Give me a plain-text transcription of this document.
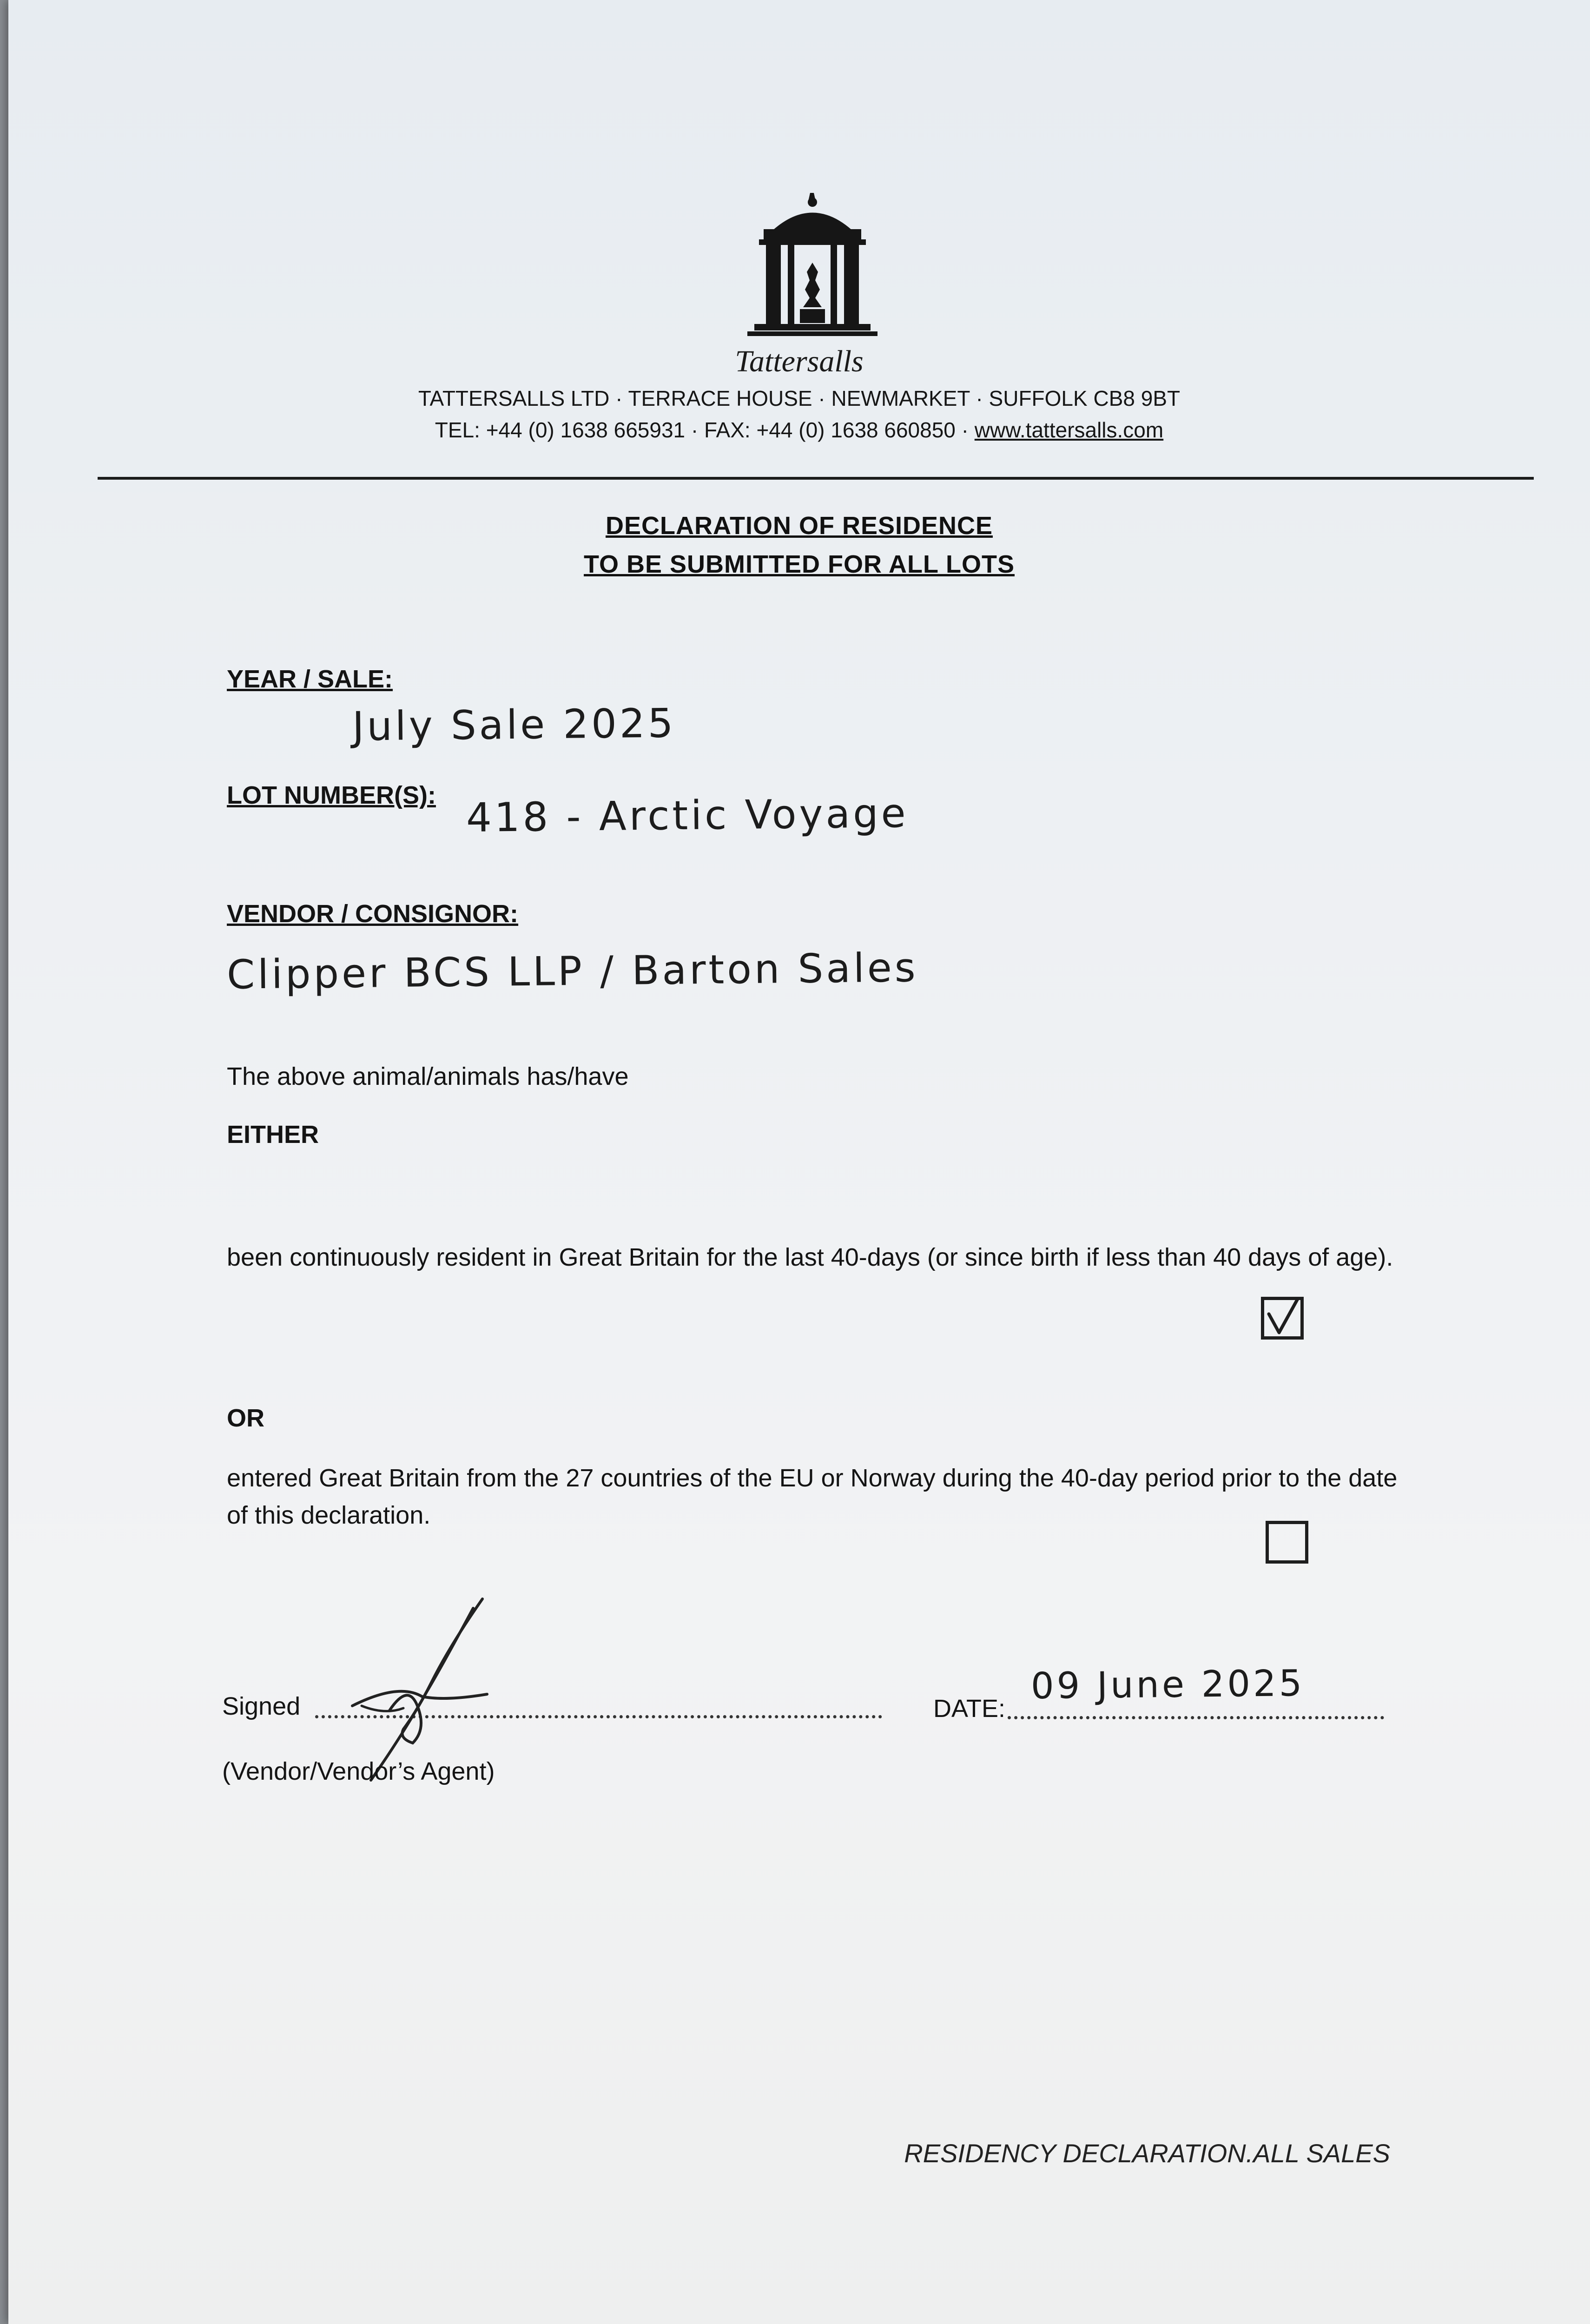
Tattersalls
TATTERSALLS LTD · TERRACE HOUSE · NEWMARKET · SUFFOLK CB8 9BT
TEL: +44 (0) 1638 665931 · FAX: +44 (0) 1638 660850 · www.tattersalls.com
DECLARATION OF RESIDENCE
TO BE SUBMITTED FOR ALL LOTS
YEAR / SALE:
July Sale 2025
LOT NUMBER(S): 418 - Arctic Voyage
VENDOR / CONSIGNOR:
Clipper BCS LLP / Barton Sales
The above animal/animals has/have
EITHER
been continuously resident in Great Britain for the last 40-days (or since birth if less than 40 days of age).
OR
entered Great Britain from the 27 countries of the EU or Norway during the 40-day period prior to the date of this declaration.
Signed
(Vendor/Vendor’s Agent)
DATE:
09 June 2025
RESIDENCY DECLARATION.ALL SALES
